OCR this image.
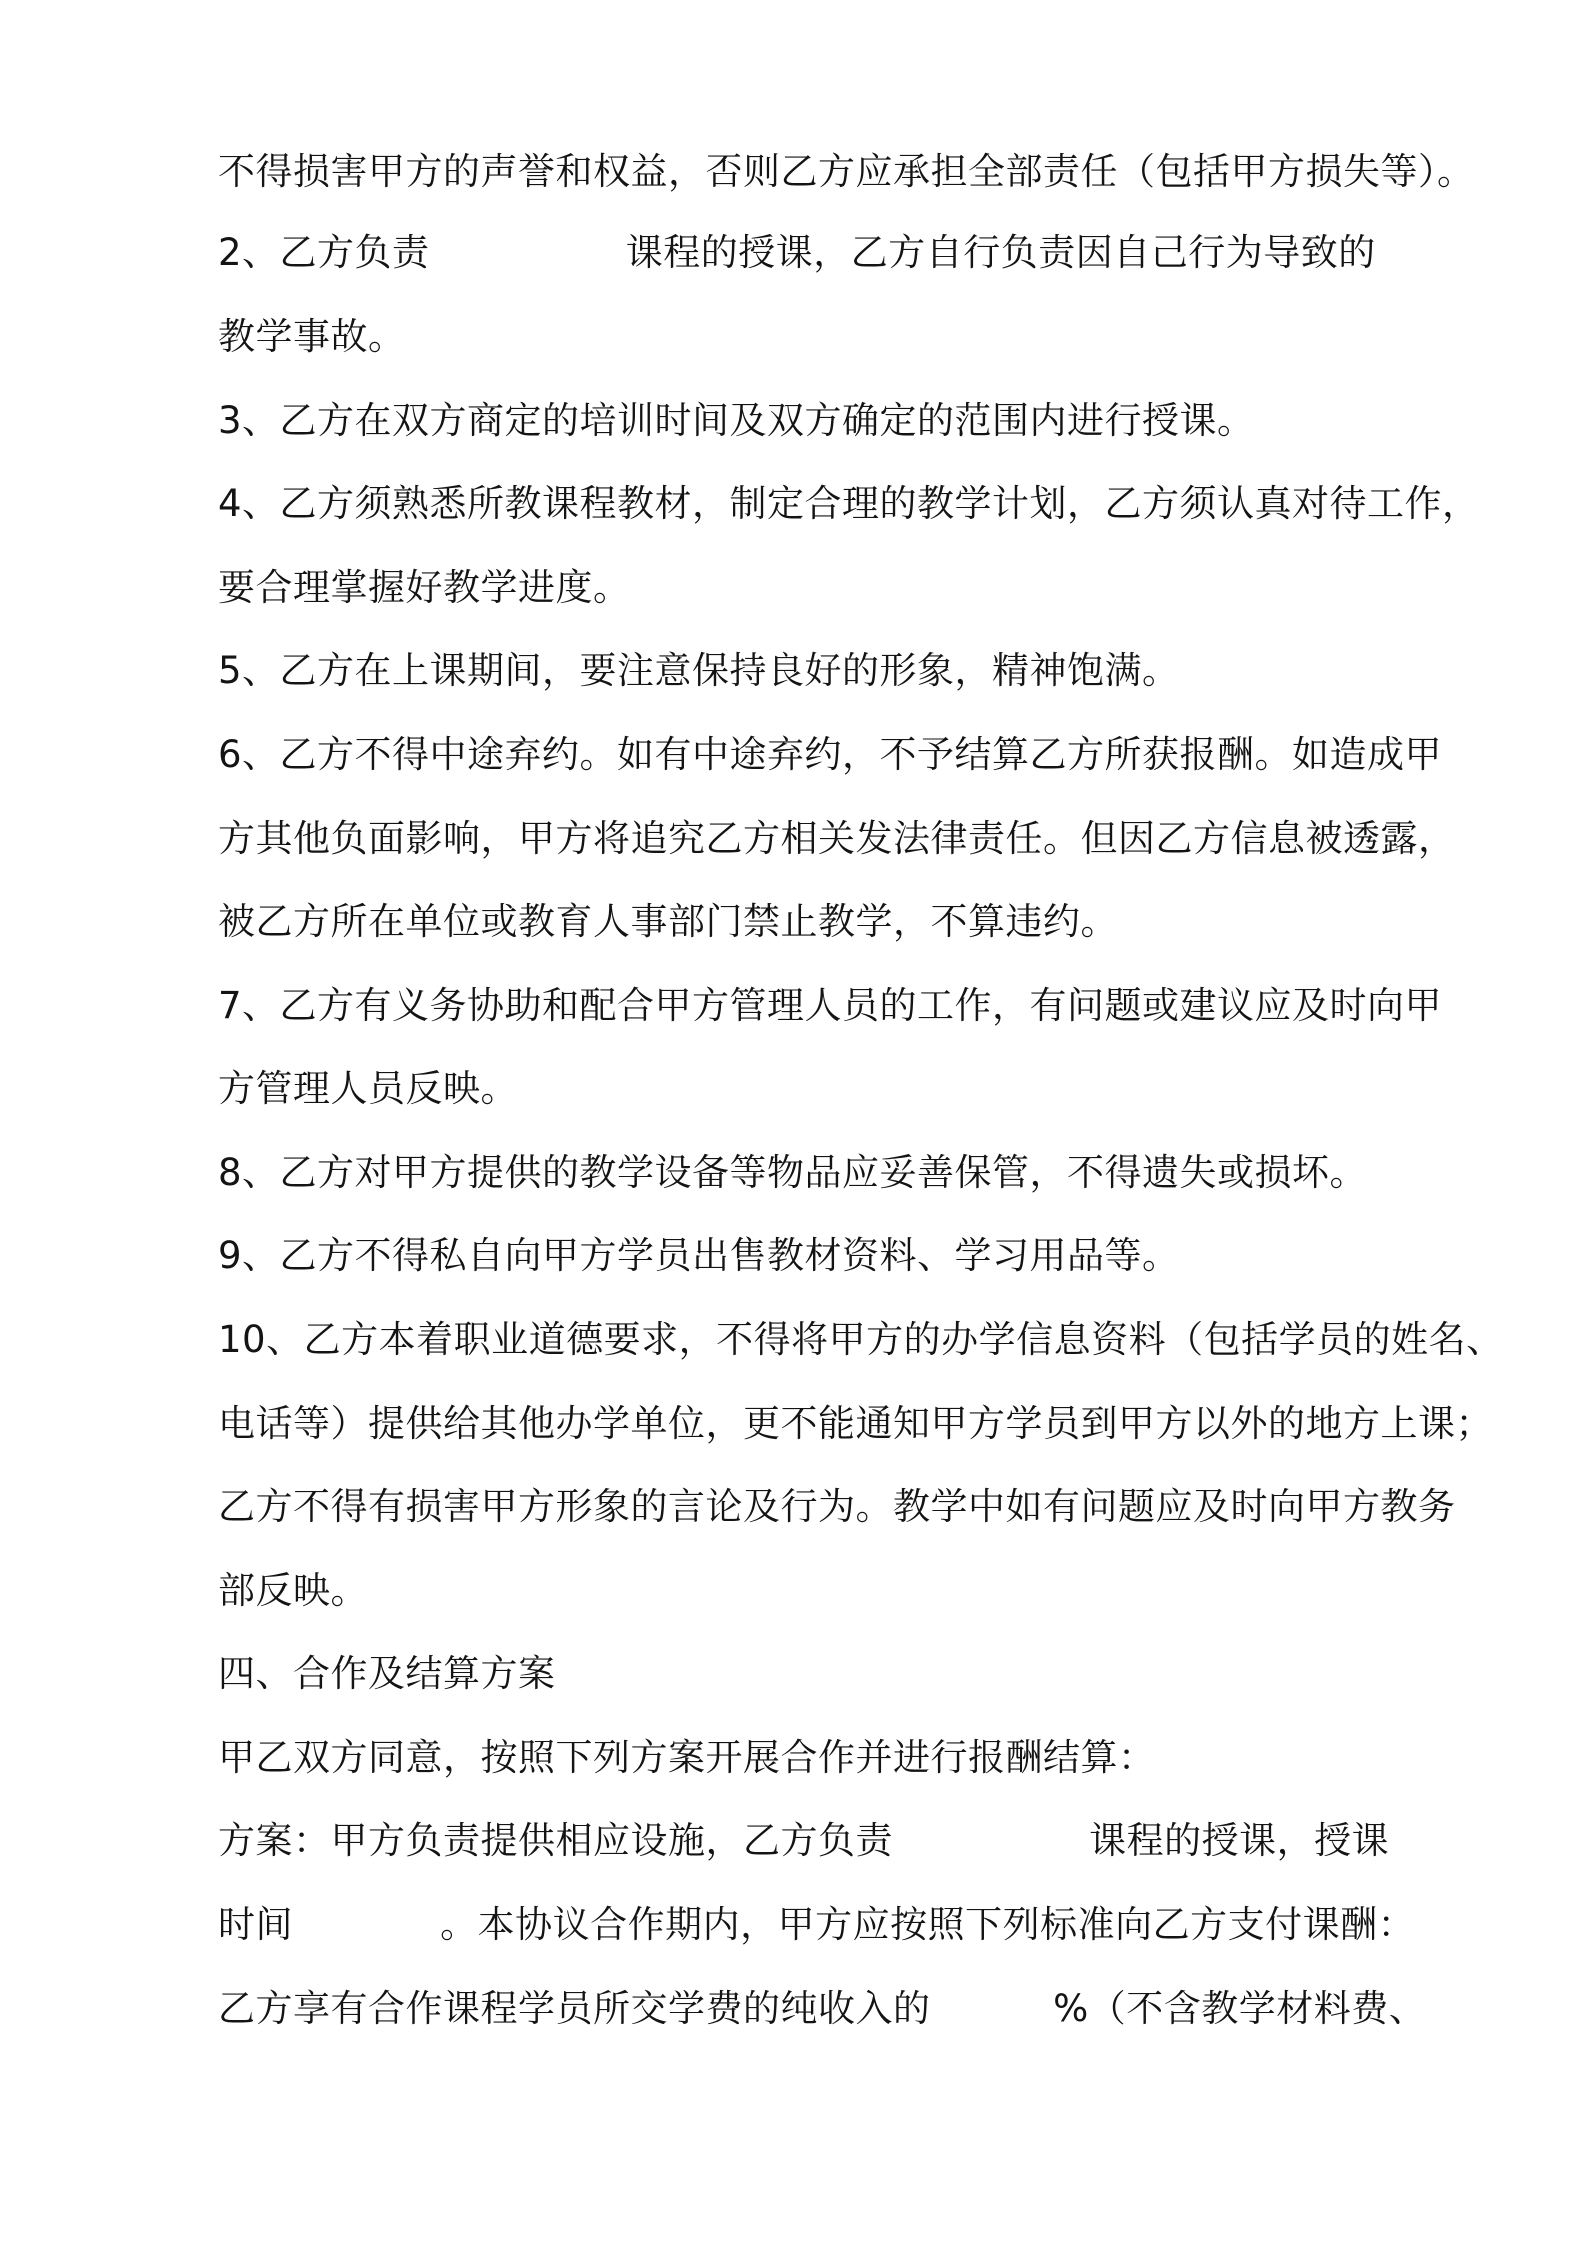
不得损害甲方的声誉和权益，否则乙方应承担全部责任（包括甲方损失等）。
2、乙方负责                课程的授课，乙方自行负责因自己行为导致的
教学事故。
3、乙方在双方商定的培训时间及双方确定的范围内进行授课。
4、乙方须熟悉所教课程教材，制定合理的教学计划，乙方须认真对待工作，
要合理掌握好教学进度。
5、乙方在上课期间，要注意保持良好的形象，精神饱满。
6、乙方不得中途弃约。如有中途弃约，不予结算乙方所获报酬。如造成甲
方其他负面影响，甲方将追究乙方相关发法律责任。但因乙方信息被透露，
被乙方所在单位或教育人事部门禁止教学，不算违约。
7、乙方有义务协助和配合甲方管理人员的工作，有问题或建议应及时向甲
方管理人员反映。
8、乙方对甲方提供的教学设备等物品应妥善保管，不得遗失或损坏。
9、乙方不得私自向甲方学员出售教材资料、学习用品等。
10、乙方本着职业道德要求，不得将甲方的办学信息资料（包括学员的姓名、
电话等）提供给其他办学单位，更不能通知甲方学员到甲方以外的地方上课；
乙方不得有损害甲方形象的言论及行为。教学中如有问题应及时向甲方教务
部反映。
四、合作及结算方案
甲乙双方同意，按照下列方案开展合作并进行报酬结算：
方案：甲方负责提供相应设施，乙方负责                课程的授课，授课
时间            。本协议合作期内，甲方应按照下列标准向乙方支付课酬：
乙方享有合作课程学员所交学费的纯收入的          %（不含教学材料费、
